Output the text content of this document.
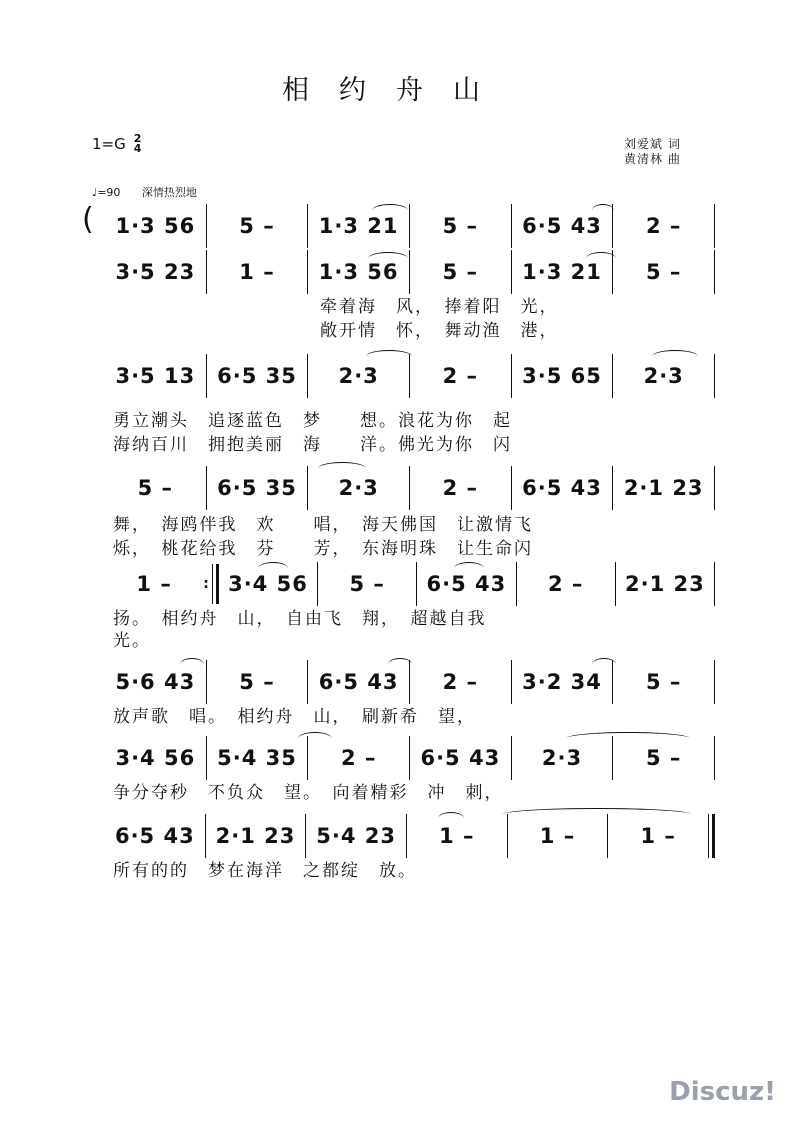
相约舟山
1=G 2
4	刘爱斌 词
黄清林 曲
♩=90 深情热烈地
( 1·3 56 5 – 1·3 21 5 – 6·5 43 2 –
3·5 23 1 – 1·3 56 5 – 1·3 21 5 –
牵着海　风，　捧着阳　光，
敞开情　怀，　舞动渔　港，
3·5 13 6·5 35 2·3	2 – 3·5 65 2·3
勇立潮头　追逐蓝色　梦　　想。浪花为你　起
海纳百川　拥抱美丽　海　　洋。佛光为你　闪
5 – 6·5 35 2·3	2 – 6·5 43 2·1 23
舞，　海鸥伴我　欢　　唱，　海天佛国　让激情飞
烁，　桃花给我　芬　　芳，　东海明珠　让生命闪
1 – : 3·4 56 5 – 6·5 43 2 – 2·1 23
扬。　相约舟　山，　自由飞　翔，　超越自我
光。
5·6 43 5 – 6·5 43 2 – 3·2 34 5 –
放声歌　唱。　相约舟　山，　刷新希　望，
3·4 56 5·4 35 2 – 6·5 43 2·3	5 –
争分夺秒　不负众　望。　向着精彩　冲　刺，
6·5 43 2·1 23 5·4 23 1 –	1 –	1 –
所有的的　梦在海洋　之都绽　放。
Discuz!
